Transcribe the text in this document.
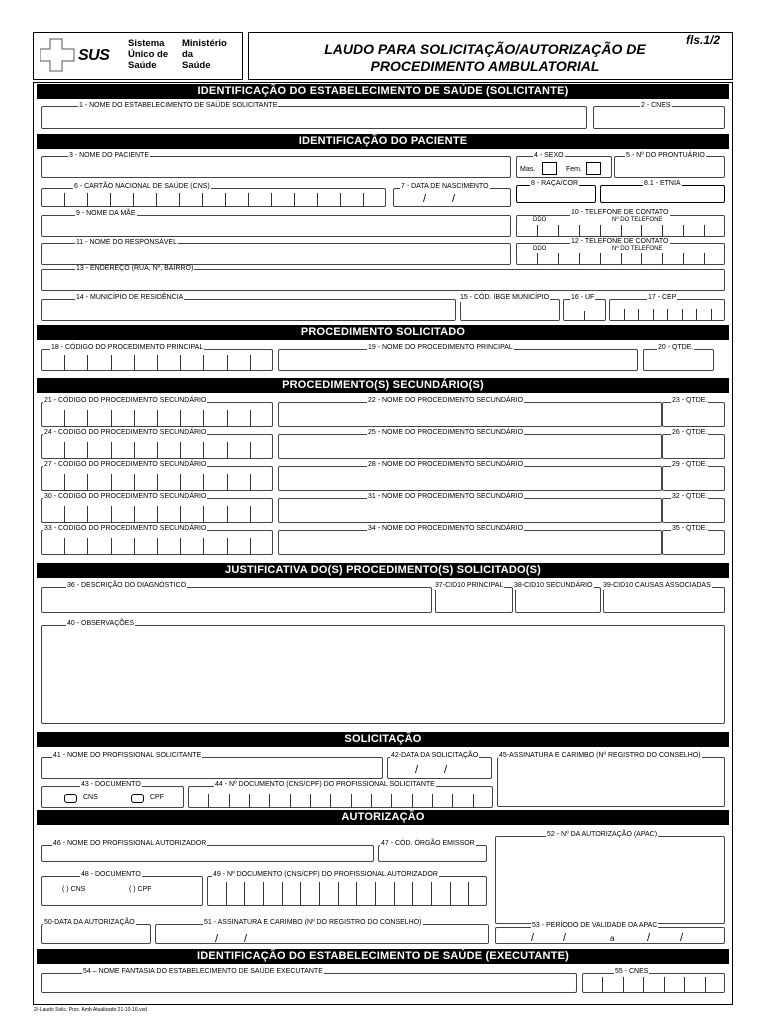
SUS
Sistema
Único de
Saúde
Ministério
da
Saúde
LAUDO PARA SOLICITAÇÃO/AUTORIZAÇÃO DE
PROCEDIMENTO AMBULATORIAL
fls.1/2
IDENTIFICAÇÃO DO ESTABELECIMENTO DE SAÚDE (SOLICITANTE)
1 - NOME DO ESTABELECIMENTO DE SAÚDE SOLICITANTE	2 - CNES
IDENTIFICAÇÃO DO PACIENTE
3 - NOME DO PACIENTE	4 - SEXO
Mas.	Fem.
5 - Nº DO PRONTUÁRIO
6 - CARTÃO NACIONAL DE SAÚDE (CNS)	7 - DATA DE NASCIMENTO
/ /
8 - RAÇA/COR	8.1 - ETNIA
9 - NOME DA MÃE	10 - TELEFONE DE CONTATO
DDO	Nº DO TELEFONE
11 - NOME DO RESPONSÁVEL	12 - TELEFONE DE CONTATO
DDO	Nº DO TELEFONE
13 - ENDEREÇO (RUA, Nº, BAIRRO)
14 - MUNICÍPIO DE RESIDÊNCIA	15 - CÓD. IBGE MUNICÍPIO	16 - UF	17 - CEP
PROCEDIMENTO SOLICITADO
18 - CÓDIGO DO PROCEDIMENTO PRINCIPAL	19 - NOME DO PROCEDIMENTO PRINCIPAL	20 - QTDE.
PROCEDIMENTO(S) SECUNDÁRIO(S)
21 - CÓDIGO DO PROCEDIMENTO SECUNDÁRIO	22 - NOME DO PROCEDIMENTO SECUNDÁRIO	23 - QTDE.
24 - CÓDIGO DO PROCEDIMENTO SECUNDÁRIO	25 - NOME DO PROCEDIMENTO SECUNDÁRIO	26 - QTDE.
27 - CÓDIGO DO PROCEDIMENTO SECUNDÁRIO	28 - NOME DO PROCEDIMENTO SECUNDÁRIO	29 - QTDE.
30 - CÓDIGO DO PROCEDIMENTO SECUNDÁRIO	31 - NOME DO PROCEDIMENTO SECUNDÁRIO	32 - QTDE.
33 - CÓDIGO DO PROCEDIMENTO SECUNDÁRIO	34 - NOME DO PROCEDIMENTO SECUNDÁRIO	35 - QTDE.
JUSTIFICATIVA DO(S) PROCEDIMENTO(S) SOLICITADO(S)
36 - DESCRIÇÃO DO DIAGNÓSTICO	37-CID10 PRINCIPAL 38-CID10 SECUNDÁRIO 39-CID10 CAUSAS ASSOCIADAS
40 - OBSERVAÇÕES
SOLICITAÇÃO
41 - NOME DO PROFISSIONAL SOLICITANTE	42-DATA DA SOLICITAÇÃO
/ /
45-ASSINATURA E CARIMBO (Nº REGISTRO DO CONSELHO)
43 - DOCUMENTO
CNS	CPF
44 - Nº DOCUMENTO (CNS/CPF) DO PROFISSIONAL SOLICITANTE
AUTORIZAÇÃO
46 - NOME DO PROFISSIONAL AUTORIZADOR	47 - CÓD. ÓRGÃO EMISSOR
52 - Nº DA AUTORIZAÇÃO (APAC)
48 - DOCUMENTO
( ) CNS	( ) CPF
49 - Nº DOCUMENTO (CNS/CPF) DO PROFISSIONAL AUTORIZADOR
50-DATA DA AUTORIZAÇÃO	51 - ASSINATURA E CARIMBO (Nº DO REGISTRO DO CONSELHO)
/ /
53 - PERÍODO DE VALIDADE DA APAC
/	/	a	/	/
IDENTIFICAÇÃO DO ESTABELECIMENTO DE SAÚDE (EXECUTANTE)
54 – NOME FANTASIA DO ESTABELECIMENTO DE SAÚDE EXECUTANTE	55 - CNES
2/-Laudo Solic. Proc. Amb Atualizado 21-10-16.vsd
